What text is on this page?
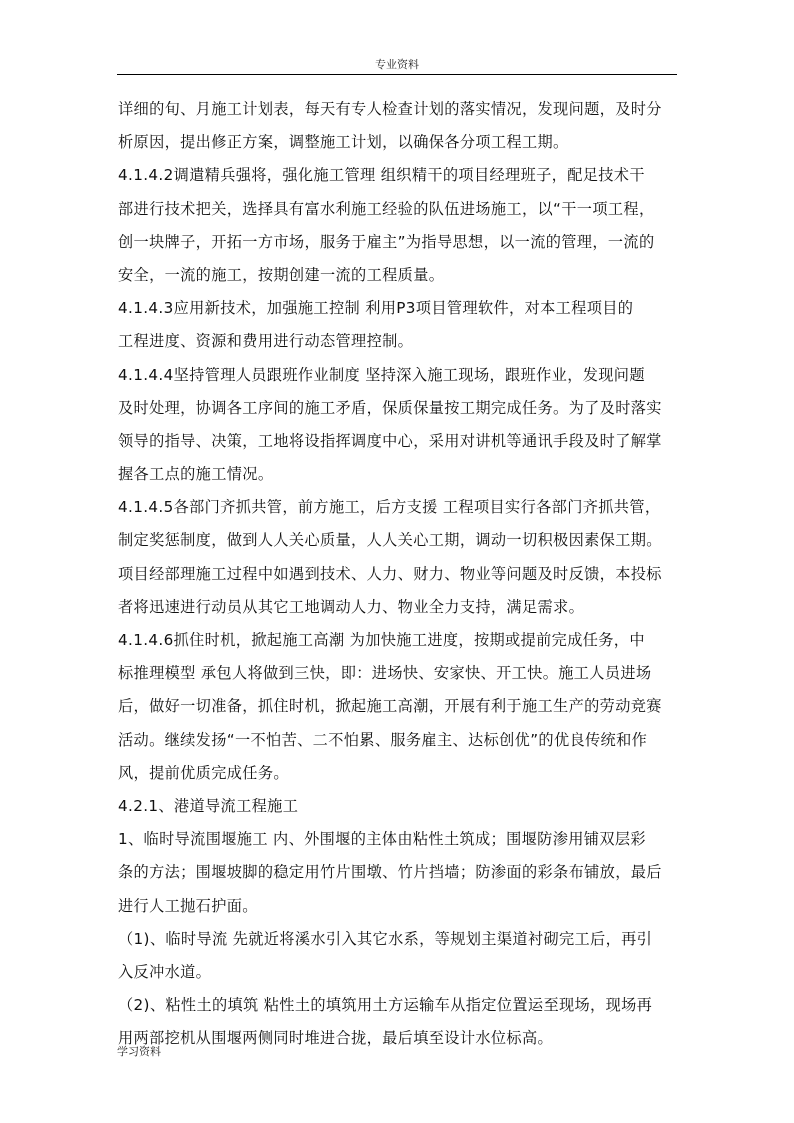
专业资料
详细的旬、月施工计划表，每天有专人检查计划的落实情况，发现问题，及时分
析原因，提出修正方案，调整施工计划，以确保各分项工程工期。
4.1.4.2调遣精兵强将，强化施工管理 组织精干的项目经理班子，配足技术干
部进行技术把关，选择具有富水利施工经验的队伍进场施工，以“干一项工程，
创一块牌子，开拓一方市场，服务于雇主”为指导思想，以一流的管理，一流的
安全，一流的施工，按期创建一流的工程质量。
4.1.4.3应用新技术，加强施工控制 利用P3项目管理软件，对本工程项目的
工程进度、资源和费用进行动态管理控制。
4.1.4.4坚持管理人员跟班作业制度 坚持深入施工现场，跟班作业，发现问题
及时处理，协调各工序间的施工矛盾，保质保量按工期完成任务。为了及时落实
领导的指导、决策，工地将设指挥调度中心，采用对讲机等通讯手段及时了解掌
握各工点的施工情况。
4.1.4.5各部门齐抓共管，前方施工，后方支援 工程项目实行各部门齐抓共管，
制定奖惩制度，做到人人关心质量，人人关心工期，调动一切积极因素保工期。
项目经部理施工过程中如遇到技术、人力、财力、物业等问题及时反馈，本投标
者将迅速进行动员从其它工地调动人力、物业全力支持，满足需求。
4.1.4.6抓住时机，掀起施工高潮 为加快施工进度，按期或提前完成任务，中
标推理模型 承包人将做到三快，即：进场快、安家快、开工快。施工人员进场
后，做好一切准备，抓住时机，掀起施工高潮，开展有利于施工生产的劳动竞赛
活动。继续发扬“一不怕苦、二不怕累、服务雇主、达标创优”的优良传统和作
风，提前优质完成任务。
4.2.1、港道导流工程施工
1、临时导流围堰施工 内、外围堰的主体由粘性土筑成；围堰防渗用铺双层彩
条的方法；围堰坡脚的稳定用竹片围墩、竹片挡墙；防渗面的彩条布铺放，最后
进行人工抛石护面。
（1)、临时导流 先就近将溪水引入其它水系，等规划主渠道衬砌完工后，再引
入反冲水道。
（2)、粘性土的填筑 粘性土的填筑用土方运输车从指定位置运至现场，现场再
用两部挖机从围堰两侧同时堆进合拢，最后填至设计水位标高。
学习资料
